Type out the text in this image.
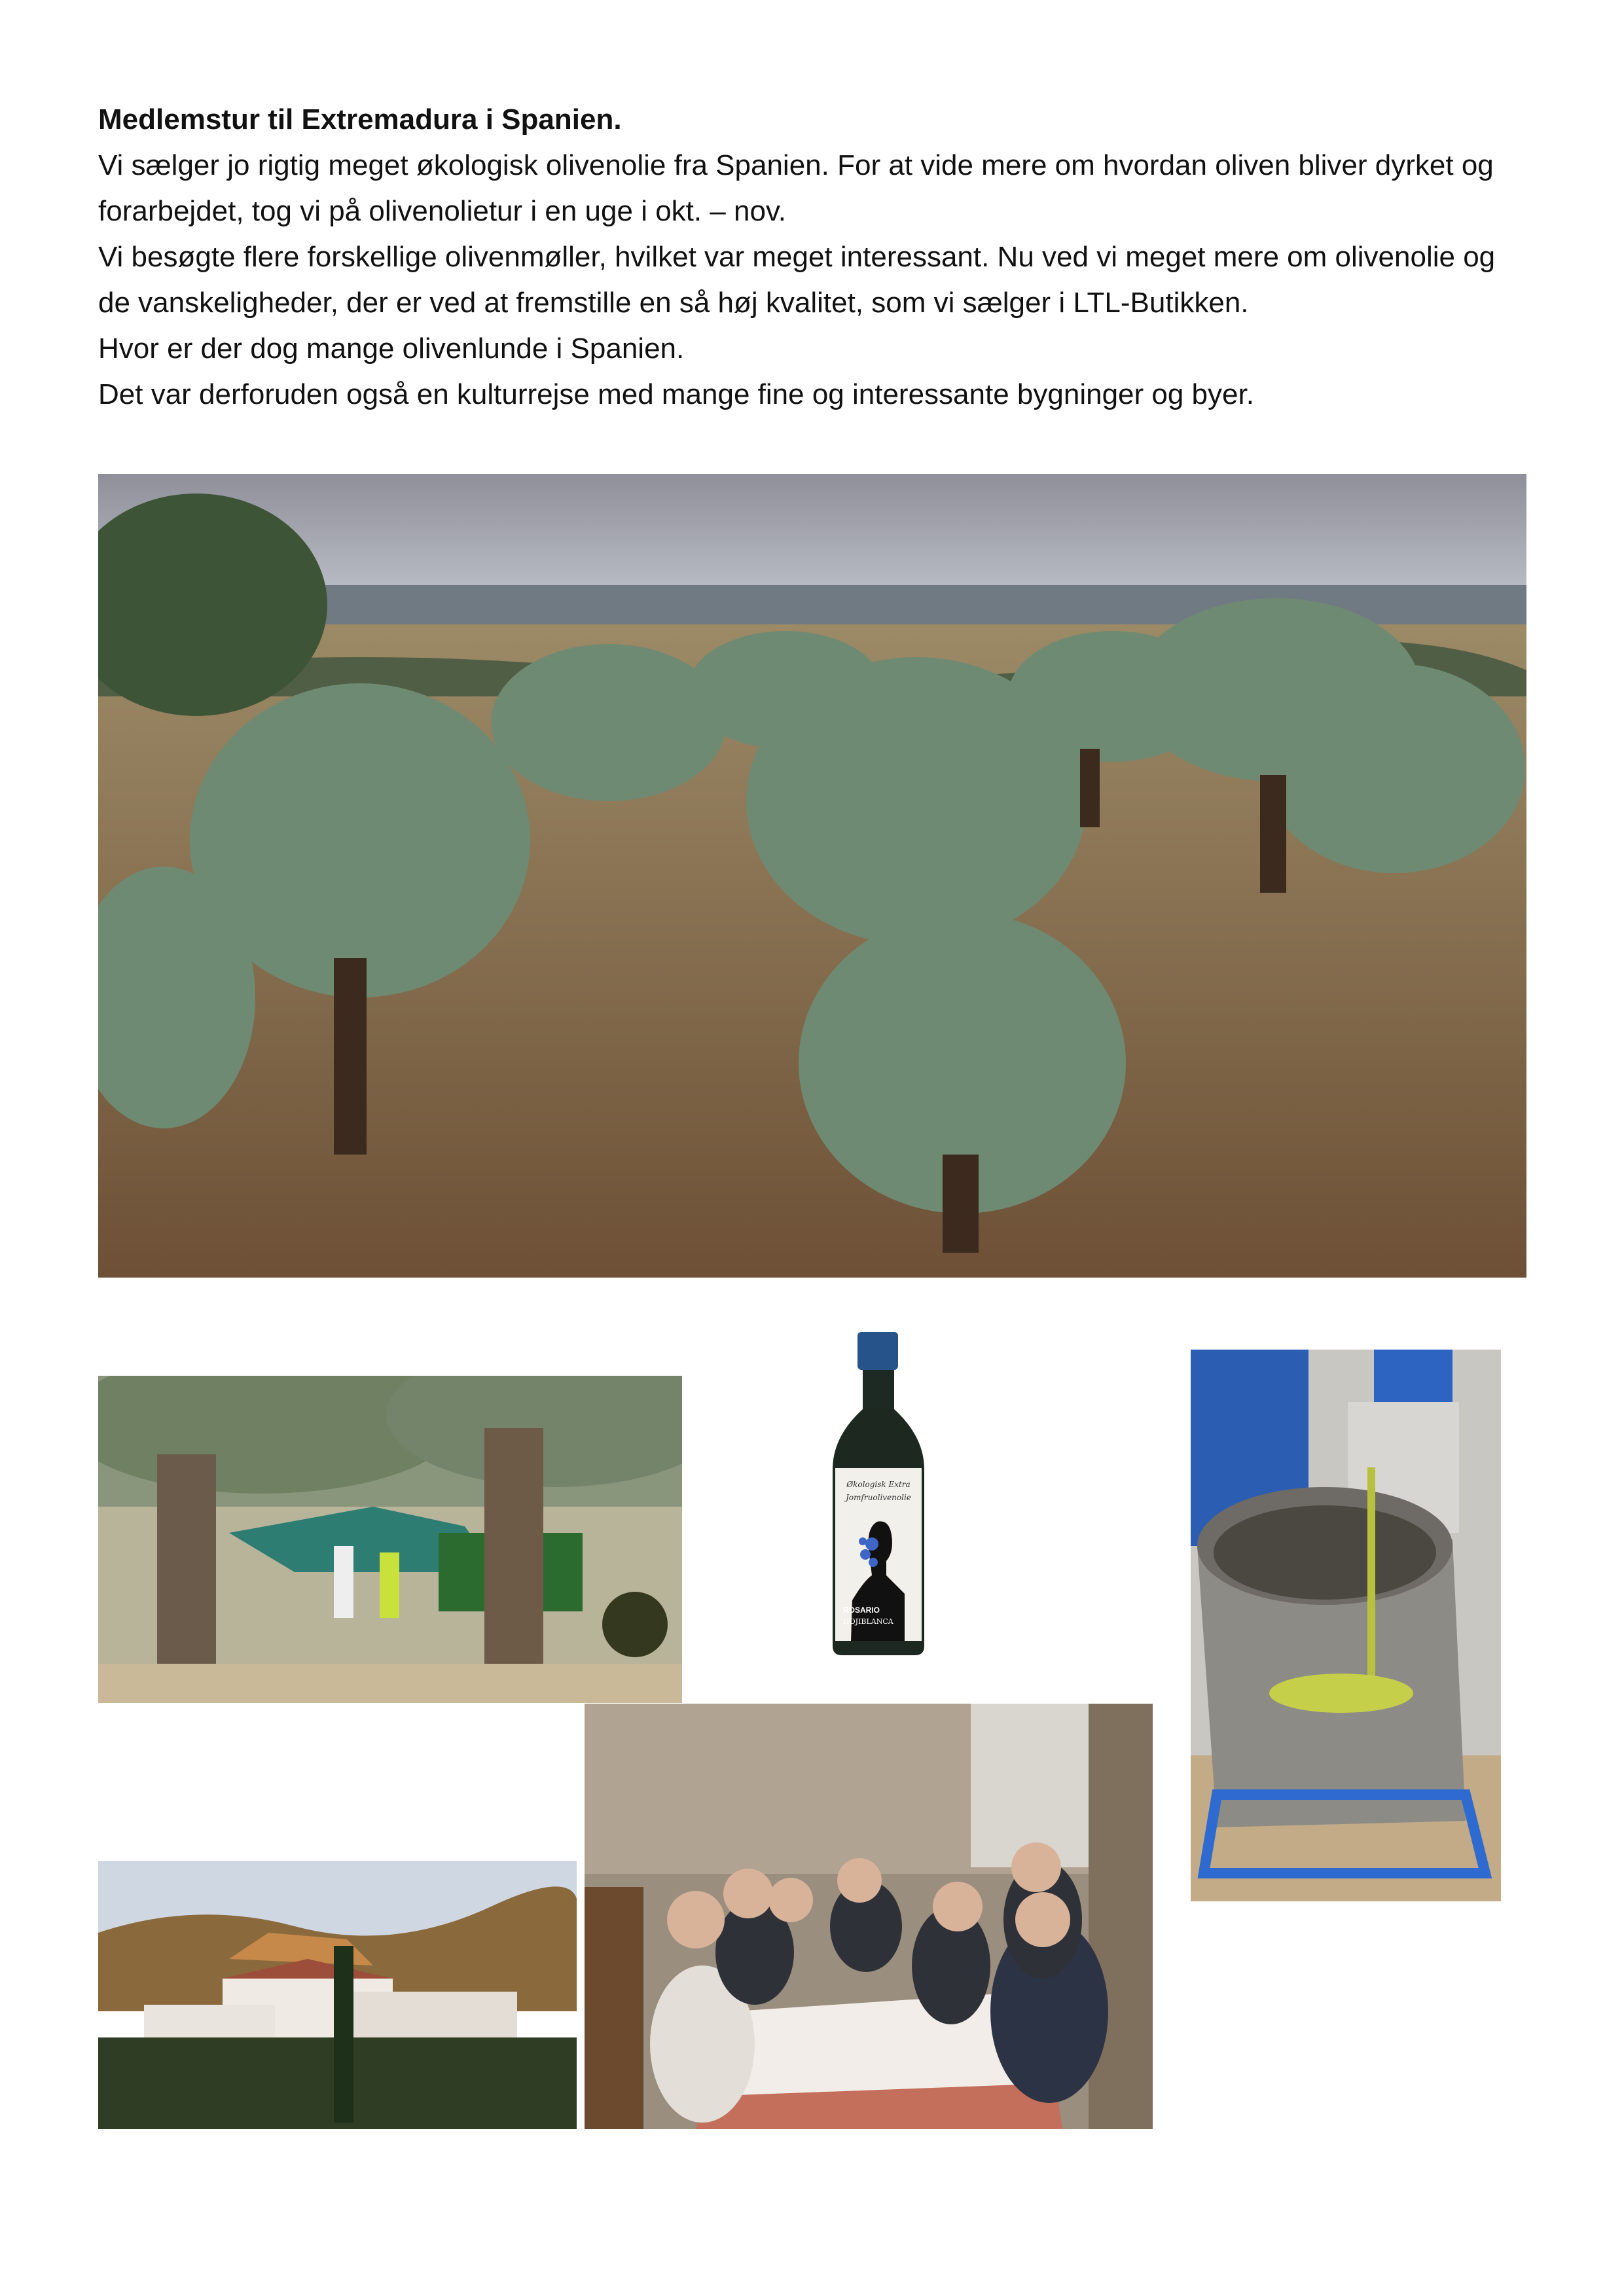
Medlemstur til Extremadura i Spanien.

Vi sælger jo rigtig meget økologisk olivenolie fra Spanien. For at vide mere om hvordan oliven bliver dyrket og forarbejdet, tog vi på olivenolietur i en uge i okt. – nov.

Vi besøgte flere forskellige olivenmøller, hvilket var meget interessant. Nu ved vi meget mere om olivenolie og de vanskeligheder, der er ved at fremstille en så høj kvalitet, som vi sælger i LTL-Butikken.

Hvor er der dog mange olivenlunde i Spanien.

Det var derforuden også en kulturrejse med mange fine og interessante bygninger og byer.

Økologisk Extra
Jomfruolivenolie
ROSARIO
HOJIBLANCA
